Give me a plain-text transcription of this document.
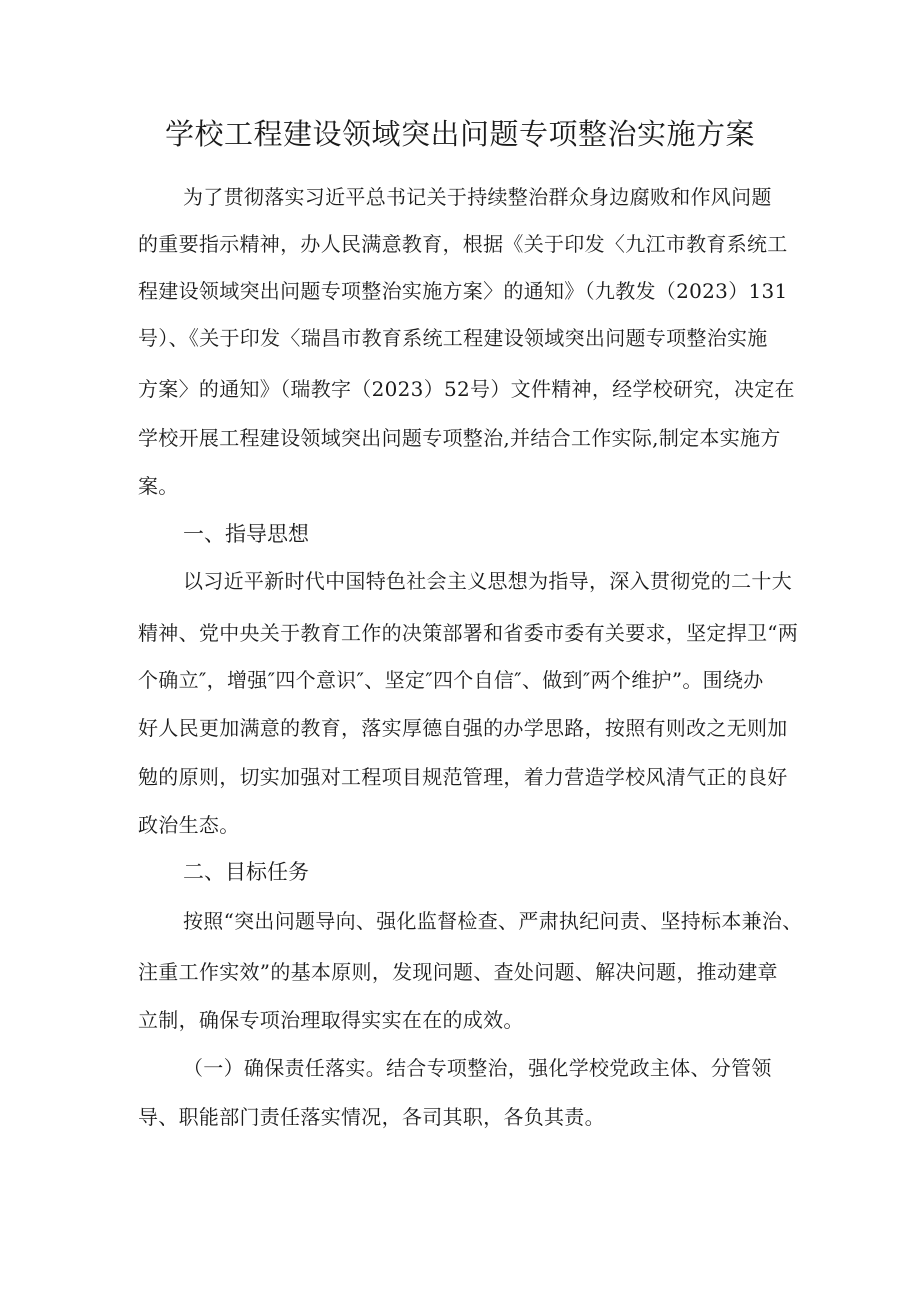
学校工程建设领域突出问题专项整治实施方案
为了贯彻落实习近平总书记关于持续整治群众身边腐败和作风问题
的重要指示精神，办人民满意教育，根据《关于印发〈九江市教育系统工
程建设领域突出问题专项整治实施方案〉的通知》（九教发（2023）131
号）、《关于印发〈瑞昌市教育系统工程建设领域突出问题专项整治实施
方案〉的通知》（瑞教字（2023）52号）文件精神，经学校研究，决定在
学校开展工程建设领域突出问题专项整治,并结合工作实际,制定本实施方
案。
一、指导思想
以习近平新时代中国特色社会主义思想为指导，深入贯彻党的二十大
精神、党中央关于教育工作的决策部署和省委市委有关要求，坚定捍卫“两
个确立″，增强″四个意识″、坚定″四个自信″、做到″两个维护”。围绕办
好人民更加满意的教育，落实厚德自强的办学思路，按照有则改之无则加
勉的原则，切实加强对工程项目规范管理，着力营造学校风清气正的良好
政治生态。
二、目标任务
按照“突出问题导向、强化监督检查、严肃执纪问责、坚持标本兼治、
注重工作实效”的基本原则，发现问题、查处问题、解决问题，推动建章
立制，确保专项治理取得实实在在的成效。
（一）确保责任落实。结合专项整治，强化学校党政主体、分管领
导、职能部门责任落实情况，各司其职，各负其责。
